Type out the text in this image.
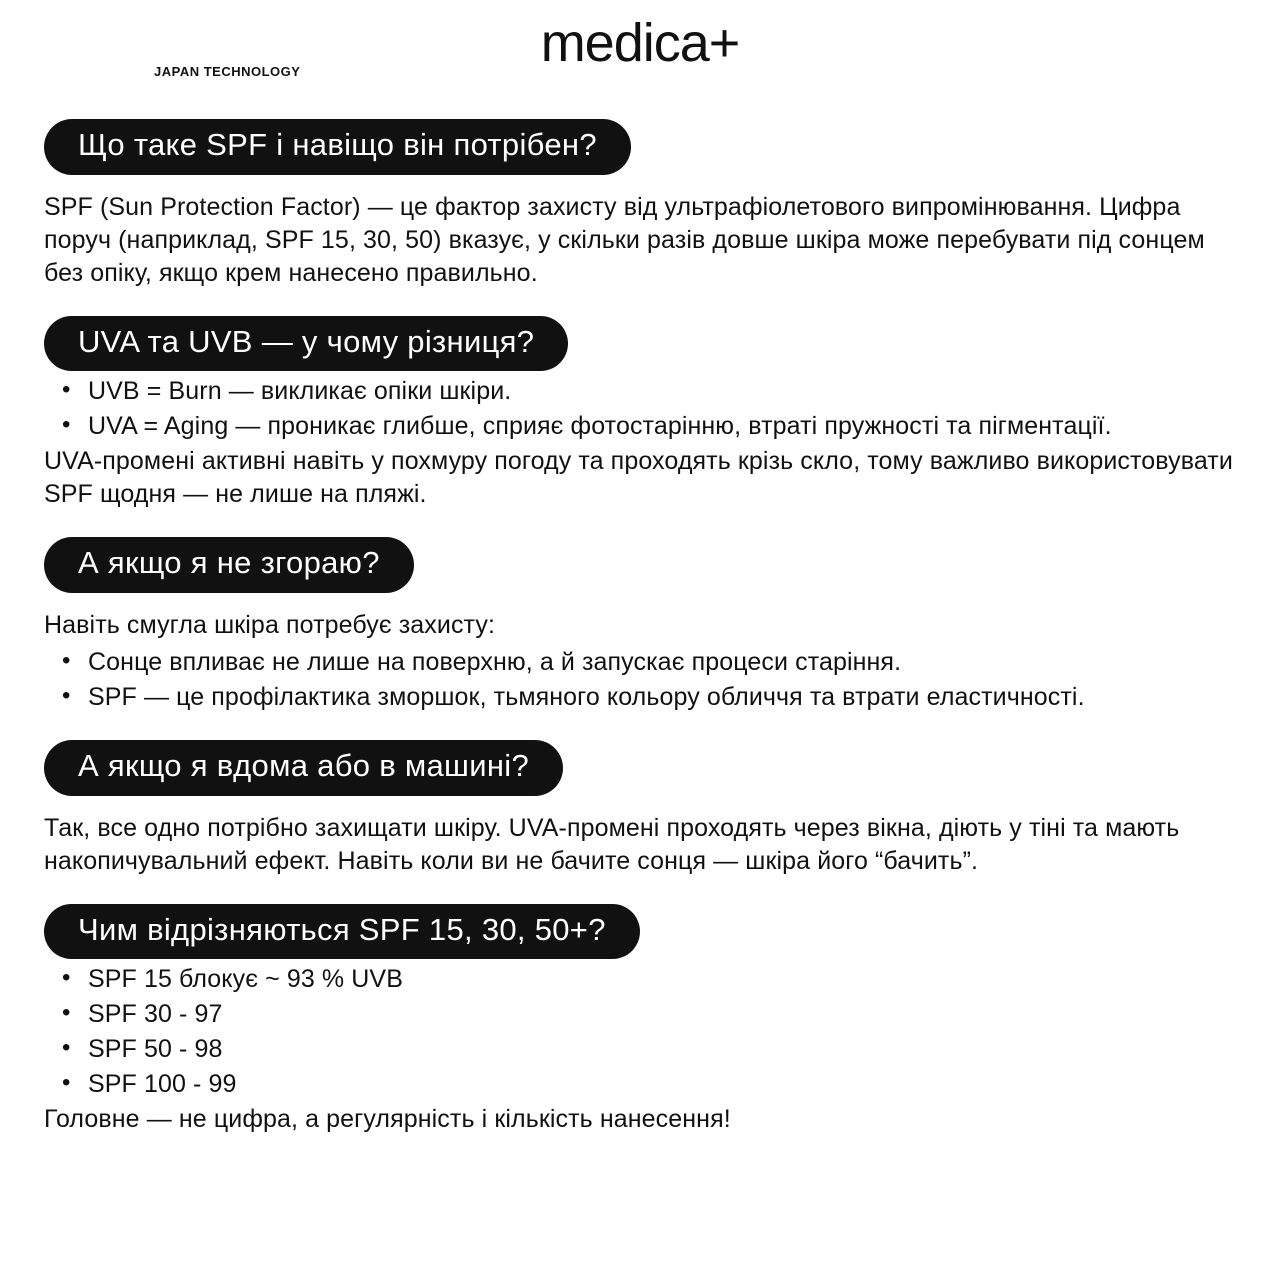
medica+
JAPAN TECHNOLOGY
Що таке SPF і навіщо він потрібен?
SPF (Sun Protection Factor) — це фактор захисту від ультрафіолетового випромінювання. Цифра поруч (наприклад, SPF 15, 30, 50) вказує, у скільки разів довше шкіра може перебувати під сонцем без опіку, якщо крем нанесено правильно.
UVA та UVB — у чому різниця?
• UVB = Burn — викликає опіки шкіри.
• UVA = Aging — проникає глибше, сприяє фотостарінню, втраті пружності та пігментації.
UVA-промені активні навіть у похмуру погоду та проходять крізь скло, тому важливо використовувати SPF щодня — не лише на пляжі.
А якщо я не згораю?
Навіть смугла шкіра потребує захисту:
• Сонце впливає не лише на поверхню, а й запускає процеси старіння.
• SPF — це профілактика зморшок, тьмяного кольору обличчя та втрати еластичності.
А якщо я вдома або в машині?
Так, все одно потрібно захищати шкіру. UVA-промені проходять через вікна, діють у тіні та мають накопичувальний ефект. Навіть коли ви не бачите сонця — шкіра його “бачить”.
Чим відрізняються SPF 15, 30, 50+?
• SPF 15 блокує ~ 93 % UVB
• SPF 30 - 97
• SPF 50 - 98
• SPF 100 - 99
Головне — не цифра, а регулярність і кількість нанесення!
